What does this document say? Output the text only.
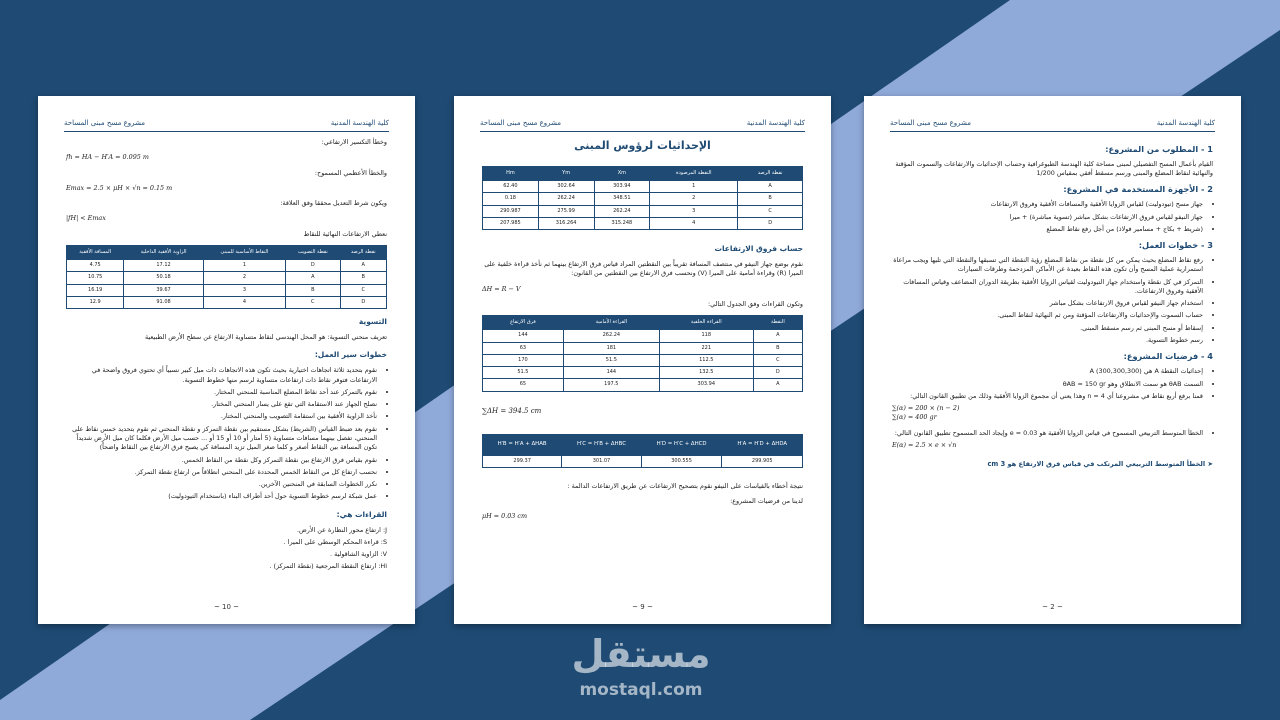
كلية الهندسة المدنية
مشروع مسح مبنى المساحة
وخطأ التكسير الارتفاعي:
fh = HA − H′A = 0.095 m
والخطأ الأعظمي المسموح:
Emax = 2.5 × μH × √n = 0.15 m
ويكون شرط التعديل محققا وفق العلاقة:
|fH| < Emax
نعطي الارتفاعات النهائية للنقاط
نقطة الرصد	نقطة التصويب	النقاط الأساسية للمبنى	الزاوية الأفقية الداخلية	المسافة الأفقية
A	D	1	17.12	4.75
B	A	2	50.18	10.75
C	B	3	39.67	16.19
D	C	4	91.08	12.9
التسوية
تعريف منحني التسوية: هو المحل الهندسي لنقاط متساوية الارتفاع عن سطح الأرض الطبيعية
خطوات سير العمل:
• نقوم بتحديد ثلاثة اتجاهات اختيارية بحيث تكون هذه الاتجاهات ذات ميل كبير نسبياً أي تحتوي فروق واضحة في الارتفاعات فتوفر نقاط ذات ارتفاعات متساوية لرسم منها خطوط التسوية.
• نقوم بالتمركز عند أحد نقاط المضلع المناسبة للمنحني المختار.
• نصلح الجهاز عند الاستقامة التي تقع على يسار المنحني المختار.
• نأخذ الزاوية الأفقية بين استقامة التصويب والمنحني المختار.
• نقوم بعد ضبط القياس (الشريط) بشكل مستقيم بين نقطة التمركز و نقطة المنحني ثم نقوم بتحديد خمس نقاط على المنحني، تفصل بينهما مسافات متساوية (5 أمتار أو 10 أو 15 أو ... حسب ميل الأرض فكلما كان ميل الأرض شديداً تكون المسافة بين النقاط أصغر و كلما صغر الميل تزيد المسافة كي يصبح فرق الارتفاع بين النقاط واضحاً)
• نقوم بقياس فرق الارتفاع بين نقطة التمركز وكل نقطة من النقاط الخمس.
• نحسب ارتفاع كل من النقاط الخمس المحددة على المنحني انطلاقاً من ارتفاع نقطة التمركز.
• نكرر الخطوات السابقة في المنحنين الآخرين.
• عمل شبكة لرسم خطوط التسوية حول أحد أطراف البناء (باستخدام التيودوليت)
القراءات هي:
J: ارتفاع محور النظارة عن الأرض.
S: قراءة المحكم الوسطي على الميرا .
V: الزاوية الشاقولية .
Hi: ارتفاع النقطة المرجعية (نقطة التمركز) .
~ 10 ~
كلية الهندسة المدنية
مشروع مسح مبنى المساحة
الإحداثيات لرؤوس المبنى
نقطة الرصد	النقطة المرصودة	Xm	Ym	Hm
A	1	303.94	302.64	62.40
B	2	348.51	262.24	0.18
C	3	262.24	275.99	290.987
D	4	315.248	316.264	207.985
حساب فروق الارتفاعات
نقوم بوضع جهاز النيفو في منتصف المسافة تقريباً بين النقطتين المراد قياس فرق الارتفاع بينهما ثم نأخذ قراءة خلفية على الميرا (R) وقراءة أمامية على الميرا (V) ونحسب فرق الارتفاع بين النقطتين من القانون:
ΔH = R − V
وتكون القراءات وفق الجدول التالي:
النقطة	القراءة الخلفية	القراءة الأمامية	فرق الارتفاع
A	118	262.24	144
B	221	181	63
C	112.5	51.5	170
D	132.5	144	51.5
A	303.94	197.5	65
∑ΔH = 394.5 cm
H′B = H′A + ΔHAB	H′C = H′B + ΔHBC	H′D = H′C + ΔHCD	H′A = H′D + ΔHDA
299.37	301.07	300.555	299.905
نتيجة أخطاء بالقياسات على النيفو نقوم بتصحيح الارتفاعات عن طريق الارتفاعات الدالمة :
لدينا من فرضيات المشروع:
μH = 0.03 cm
~ 9 ~
كلية الهندسة المدنية
مشروع مسح مبنى المساحة
1 - المطلوب من المشروع:
القيام بأعمال المسح التفصيلي لمبنى مساحة كلية الهندسة الطبوغرافية وحساب الإحداثيات والارتفاعات والسموت المؤقتة والنهائية لنقاط المضلع والمبنى ورسم مسقط أفقي بمقياس 1/200
2 - الأجهزة المستخدمة في المشروع:
• جهاز مسح (تيودوليت) لقياس الزوايا الأفقية والمسافات الأفقية وفروق الارتفاعات
• جهاز النيفو لقياس فروق الارتفاعات بشكل مباشر (تسوية مباشرة) + ميرا
• (شريط + بكاج + مسامير فولاذ) من أجل رفع نقاط المضلع
3 - خطوات العمل:
• رفع نقاط المضلع بحيث يمكن من كل نقطة من نقاط المضلع رؤية النقطة التي تسبقها والنقطة التي تليها ويجب مراعاة استمرارية عملية المسح وأن تكون هذه النقاط بعيدة عن الأماكن المزدحمة وطرقات السيارات
• التمركز في كل نقطة واستخدام جهاز التيودوليت لقياس الزوايا الأفقية بطريقة الدوران المضاعف وقياس المسافات الأفقية وفروق الارتفاعات.
• استخدام جهاز النيفو لقياس فروق الارتفاعات بشكل مباشر
• حساب السموت والإحداثيات والارتفاعات المؤقتة ومن ثم النهائية لنقاط المبنى.
• إسقاط أو مسح المبنى ثم رسم مسقط المبنى.
• رسم خطوط التسوية.
4 - فرضيات المشروع:
• إحداثيات النقطة A هي (300,300,300) A
• السمت θAB هو سمت الانطلاق وهو θAB = 150 gr
• قمنا برفع أربع نقاط في مشروعنا أي n = 4 وهذا يعني أن مجموع الزوايا الأفقية وذلك من تطبيق القانون التالي:
∑(α) = 200 × (n − 2)
∑(α) = 400 gr
• الخطأ المتوسط التربيعي المسموح في قياس الزوايا الأفقية هو e = 0.03 وإيجاد الحد المسموح تطبيق القانون التالي:
E(α) = 2.5 × e × √n
➤ الخطأ المتوسط التربيعي المرتكب في قياس فرق الارتفاع هو 3 cm
~ 2 ~
مستقل
mostaql.com
